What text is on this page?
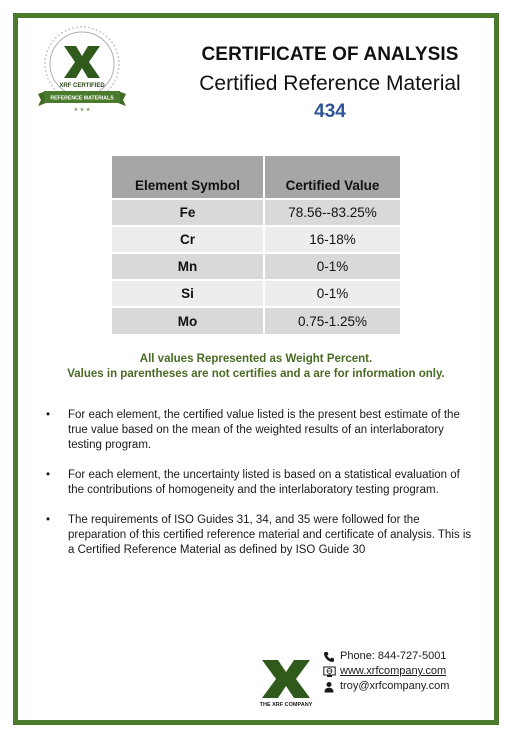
XRF CERTIFIED
REFERENCE MATERIALS
★ ★ ★
CERTIFICATE OF ANALYSIS
Certified Reference Material
434
Element Symbol	Certified Value
Fe	78.56--83.25%
Cr	16-18%
Mn	0-1%
Si	0-1%
Mo	0.75-1.25%
All values Represented as Weight Percent.
Values in parentheses are not certifies and a are for information only.
• For each element, the certified value listed is the present best estimate of the true value based on the mean of the weighted results of an interlaboratory testing program.
• For each element, the uncertainty listed is based on a statistical evaluation of the contributions of homogeneity and the interlaboratory testing program.
• The requirements of ISO Guides 31, 34, and 35 were followed for the preparation of this certified reference material and certificate of analysis. This is a Certified Reference Material as defined by ISO Guide 30
THE XRF COMPANY
Phone: 844-727-5001
www.xrfcompany.com
troy@xrfcompany.com
